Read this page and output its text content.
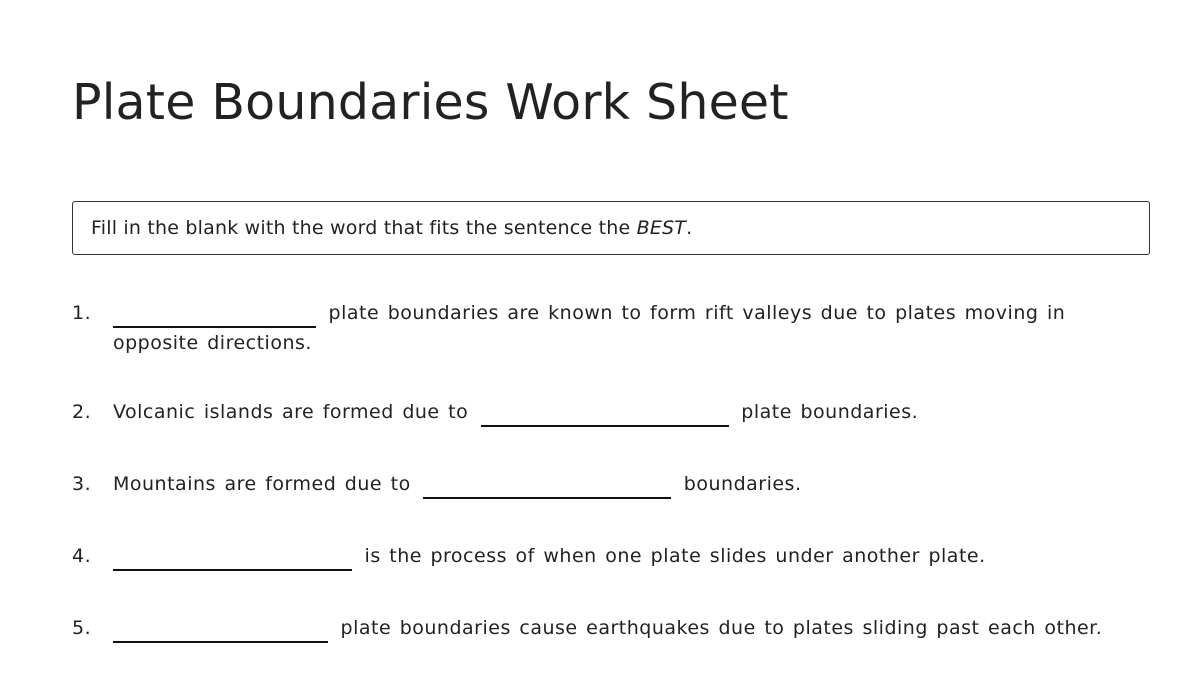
Plate Boundaries Work Sheet
Fill in the blank with the word that fits the sentence the BEST.
1.	plate boundaries are known to form rift valleys due to plates moving in opposite directions.
2. Volcanic islands are formed due to	plate boundaries.
3. Mountains are formed due to	boundaries.
4.	is the process of when one plate slides under another plate.
5.	plate boundaries cause earthquakes due to plates sliding past each other.
